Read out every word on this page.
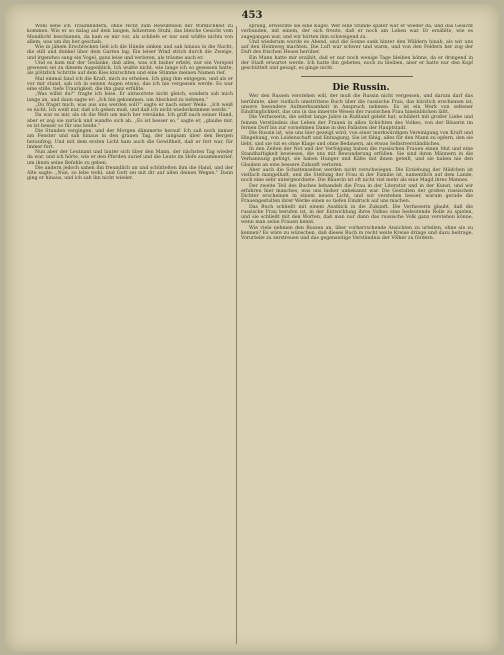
453

Wohl sehe ich Traumbildern, ohne recht zum Bewußtsein der Wirklichkeit zu kommen. Wie er so dalag auf dem langen, hölzernen Stuhl, das bleiche Gesicht vom Mondlicht beschienen, da kam es mir vor, als schliefe er nur und wüßte nichts von allem, was um ihn her geschah.

Wie in jähem Erschrecken ließ ich die Hände sinken und sah hinaus in die Nacht, die still und dunkel über dem Garten lag. Ein leiser Wind strich durch die Zweige, und irgendwo sang ein Vogel, ganz leise und verloren, als träume auch er.

Und es kam mir der Gedanke, daß alles, was ich bisher erlebt, nur ein Vorspiel gewesen sei zu diesem Augenblick. Ich wußte nicht, wie lange ich so gesessen hatte, als plötzlich Schritte auf dem Kies knirschten und eine Stimme meinen Namen rief.

Mal einmal fand ich die Kraft, mich zu erheben. Ich ging ihm entgegen, und als er vor mir stand, sah ich in seinen Augen etwas, das ich nie vergessen werde. Es war eine stille, tiefe Traurigkeit, die ihn ganz erfüllte.

„Was willst du?“ fragte ich leise. Er antwortete nicht gleich, sondern sah mich lange an, und dann sagte er: „Ich bin gekommen, um Abschied zu nehmen.“

„Du fragst mich, was aus uns werden soll?“ sagte er nach einer Weile. „Ich weiß es nicht. Ich weiß nur, daß ich gehen muß, und daß ich nicht wiederkommen werde.“

Da war es mir, als ob die Welt um mich her versänke. Ich griff nach seiner Hand, aber er zog sie zurück und wandte sich ab. „Es ist besser so,“ sagte er, „glaube mir, es ist besser so für uns beide.“

Die Stunden vergingen, und der Morgen dämmerte herauf. Ich saß noch immer am Fenster und sah hinaus in den grauen Tag, der langsam über den Bergen heraufzog. Und mit dem ersten Licht kam auch die Gewißheit, daß er fort war, für immer fort.

Nun aber der Leutnant und lauter sich über den Mann, der nächsten Tag wieder da war, und ich hörte, wie er den Pferden zurief und die Leute im Hofe zusammenrief, um ihnen seine Befehle zu geben.

Die andern jedoch sahen ihn freundlich an und schüttelten ihm die Hand, und der Alte sagte: „Nun, so lebe wohl, und Gott sei mit dir auf allen deinen Wegen.“ Dann ging er hinaus, und ich sah ihn nicht wieder.

sprang, erwischte sie eine Kugel. Wer eine Stunde später war er wieder da, und das Gesicht verbunden, mit einem, der sich freute, daß er noch am Leben war. Er erzählte, wie es zugegangen war, und wir hörten ihm schweigend zu.

Und wiederum wurde es Abend, und die Sonne sank hinter den Wäldern hinab, als wir uns auf den Heimweg machten. Die Luft war schwer und warm, und von den Feldern her zog der Duft des frischen Heues herüber.

Ein Mann hatte mir erzählt, daß er nur noch wenige Tage bleiben könne, da er dringend in der Stadt erwartet werde. Ich hatte ihn gebeten, noch zu bleiben, aber er hatte nur den Kopf geschüttelt und gesagt, es ginge nicht.

Die Russin.

Wer den Russen verstehen will, der muß die Russin nicht vergessen, und darum darf das berühmte, aber vielfach umstrittene Buch über die russische Frau, das kürzlich erschienen ist, unsere besondere Aufmerksamkeit in Anspruch nehmen. Es ist ein Werk von seltener Eindringlichkeit, das uns in das innerste Wesen der russischen Frau hineinblicken läßt.

Die Verfasserin, die selbst lange Jahre in Rußland gelebt hat, schildert mit großer Liebe und feinem Verständnis das Leben der Frauen in allen Schichten des Volkes, von der Bäuerin im fernen Dorf bis zur vornehmen Dame in den Palästen der Hauptstadt.

Die Russin ist, wie uns hier gezeigt wird, von einer merkwürdigen Vereinigung von Kraft und Hingebung, von Leidenschaft und Entsagung. Sie ist fähig, alles für den Mann zu opfern, den sie liebt, und sie tut es ohne Klage und ohne Bedauern, als etwas Selbstverständliches.

In den Zeiten der Not und der Verfolgung haben die russischen Frauen einen Mut und eine Standhaftigkeit bewiesen, die uns mit Bewunderung erfüllen. Sie sind ihren Männern in die Verbannung gefolgt, sie haben Hunger und Kälte mit ihnen geteilt, und sie haben nie den Glauben an eine bessere Zukunft verloren.

Aber auch die Schattenseiten werden nicht verschwiegen. Die Erziehung der Mädchen ist vielfach mangelhaft, und die Stellung der Frau in der Familie ist, namentlich auf dem Lande, noch eine sehr untergeordnete. Die Bäuerin ist oft nicht viel mehr als eine Magd ihres Mannes.

Der zweite Teil des Buches behandelt die Frau in der Literatur und in der Kunst, und wir erfahren hier manches, was uns bisher unbekannt war. Die Gestalten der großen russischen Dichter erscheinen in einem neuen Licht, und wir verstehen besser, warum gerade die Frauengestalten ihrer Werke einen so tiefen Eindruck auf uns machen.

Das Buch schließt mit einem Ausblick in die Zukunft. Die Verfasserin glaubt, daß die russische Frau berufen ist, in der Entwicklung ihres Volkes eine bedeutende Rolle zu spielen, und sie schließt mit den Worten, daß man nur dann das russische Volk ganz verstehen könne, wenn man seine Frauen kennt.

Wie viele nehmen den Russen an, über vorherrschende Ansichten zu urteilen, ohne sie zu kennen? Es wäre zu wünschen, daß dieses Buch in recht weite Kreise dringe und dazu beitrage, Vorurteile zu zerstreuen und das gegenseitige Verständnis der Völker zu fördern.
